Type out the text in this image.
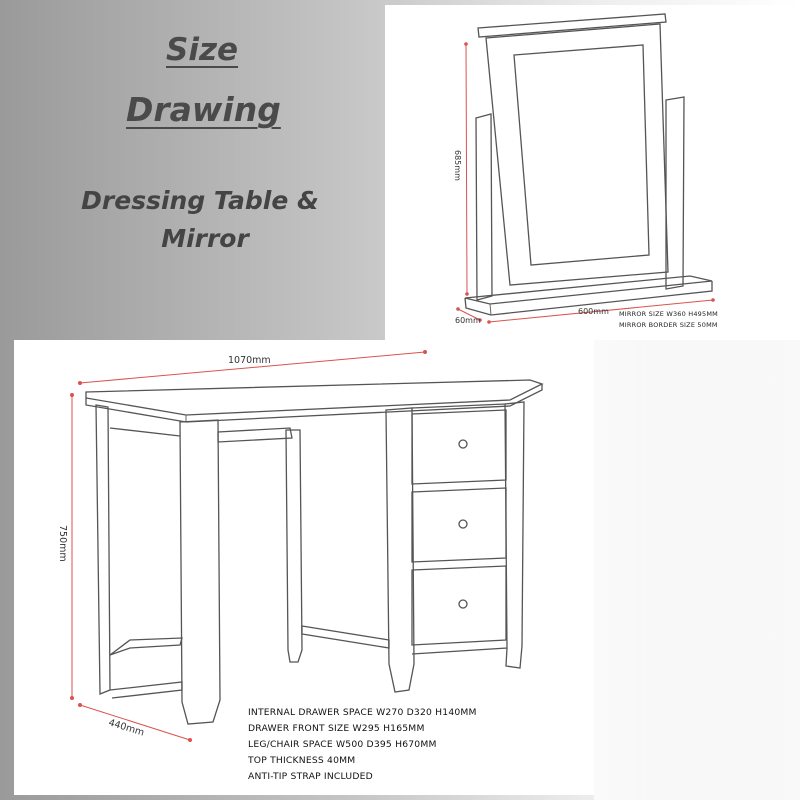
Size
Drawing
Dressing Table &
Mirror
685mm
600mm
60mm
MIRROR SIZE W360 H495MM
MIRROR BORDER SIZE 50MM
1070mm
750mm
440mm
INTERNAL DRAWER SPACE W270 D320 H140MM
DRAWER FRONT SIZE W295 H165MM
LEG/CHAIR SPACE W500 D395 H670MM
TOP THICKNESS 40MM
ANTI-TIP STRAP INCLUDED
